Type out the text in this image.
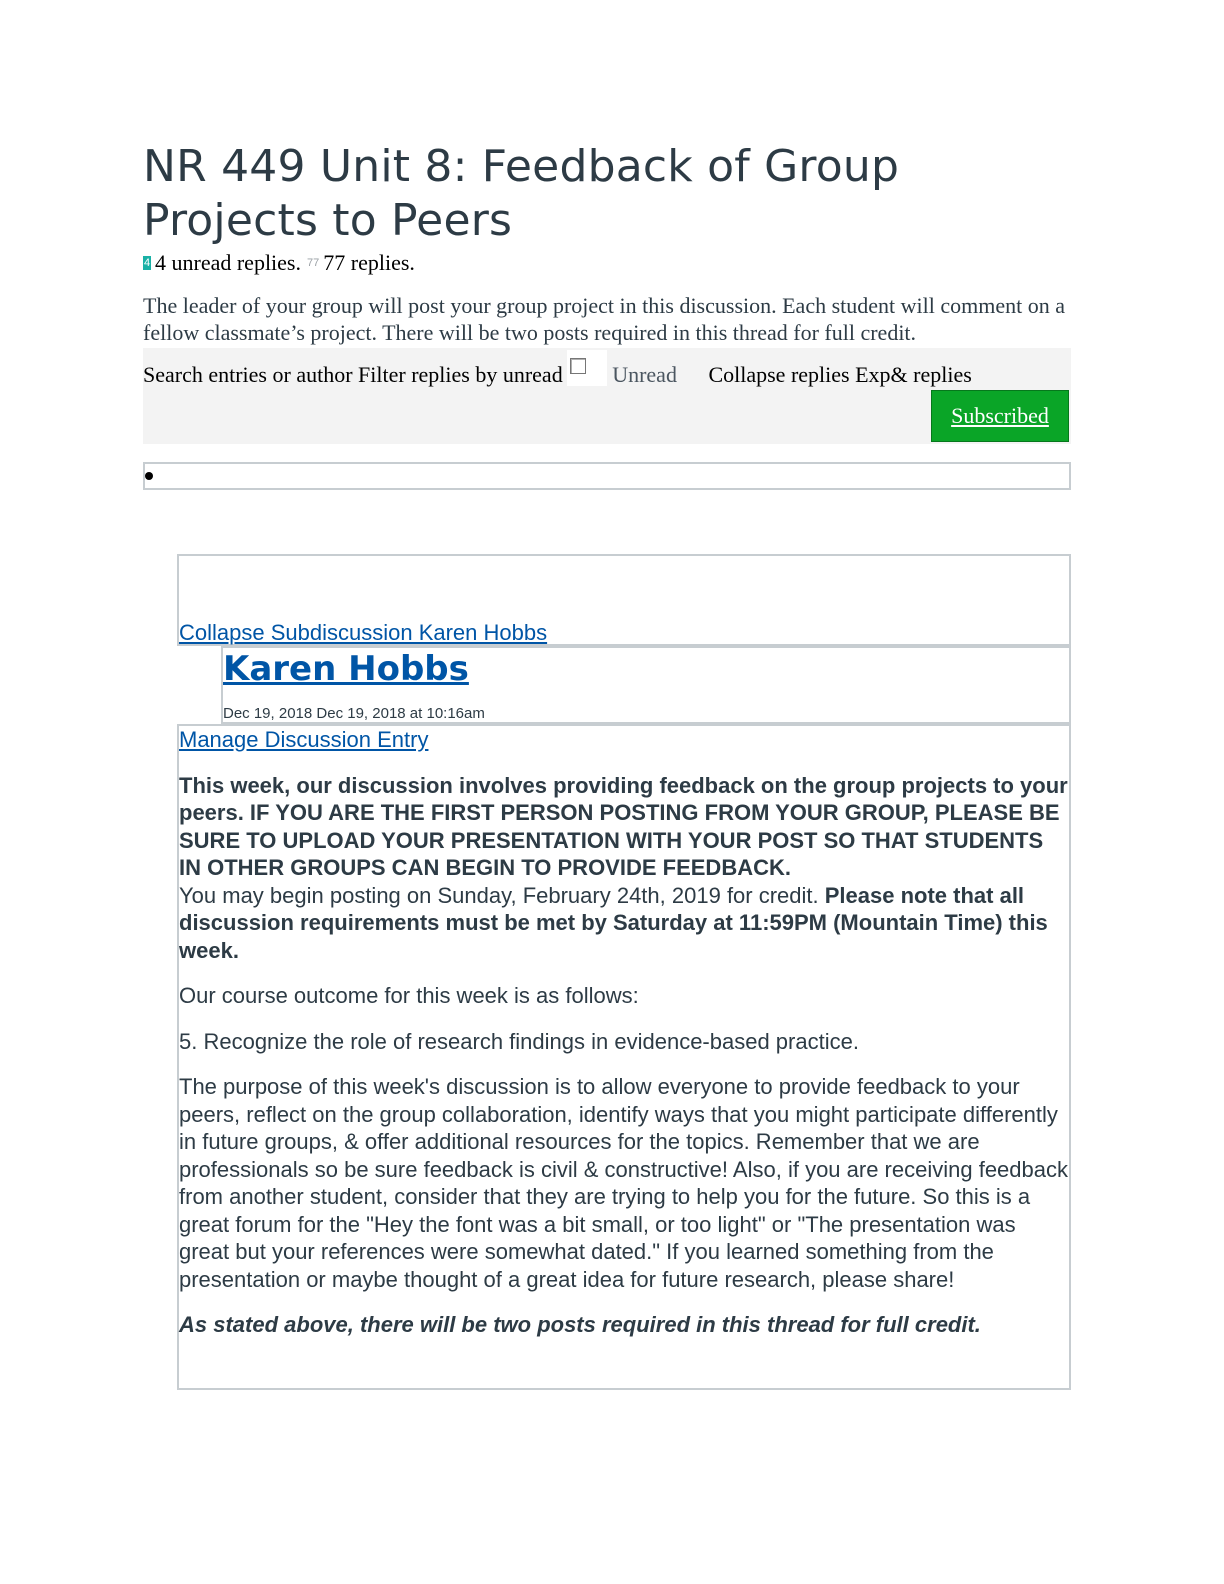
NR 449 Unit 8: Feedback of Group Projects to Peers
4 4 unread replies. 77 77 replies.

The leader of your group will post your group project in this discussion. Each student will comment on a fellow classmate’s project. There will be two posts required in this thread for full credit.

Search entries or author Filter replies by unread Unread Collapse replies Exp& replies
Subscribed
Collapse Subdiscussion Karen Hobbs
Karen Hobbs
Dec 19, 2018 Dec 19, 2018 at 10:16am
Manage Discussion Entry

This week, our discussion involves providing feedback on the group projects to your peers. IF YOU ARE THE FIRST PERSON POSTING FROM YOUR GROUP, PLEASE BE SURE TO UPLOAD YOUR PRESENTATION WITH YOUR POST SO THAT STUDENTS IN OTHER GROUPS CAN BEGIN TO PROVIDE FEEDBACK.

You may begin posting on Sunday, February 24th, 2019 for credit. Please note that all discussion requirements must be met by Saturday at 11:59PM (Mountain Time) this week.

Our course outcome for this week is as follows:

5. Recognize the role of research findings in evidence-based practice.

The purpose of this week's discussion is to allow everyone to provide feedback to your peers, reflect on the group collaboration, identify ways that you might participate differently in future groups, & offer additional resources for the topics. Remember that we are professionals so be sure feedback is civil & constructive! Also, if you are receiving feedback from another student, consider that they are trying to help you for the future. So this is a great forum for the "Hey the font was a bit small, or too light" or "The presentation was great but your references were somewhat dated." If you learned something from the presentation or maybe thought of a great idea for future research, please share!

As stated above, there will be two posts required in this thread for full credit.
